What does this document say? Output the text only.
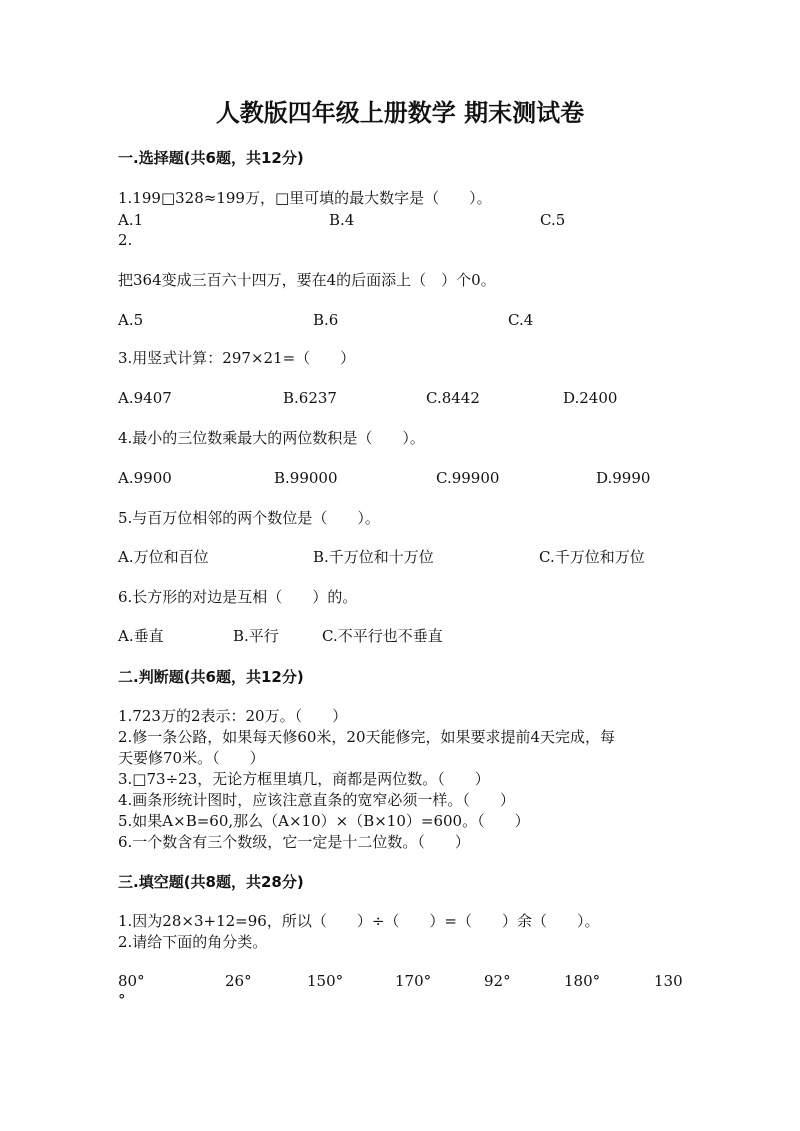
人教版四年级上册数学 期末测试卷
一.选择题(共6题，共12分)
1.199□328≈199万，□里可填的最大数字是（　　）。
A.1	B.4	C.5
2.
把364变成三百六十四万，要在4的后面添上（　）个0。
A.5	B.6	C.4
3.用竖式计算：297×21=（　　）
A.9407	B.6237	C.8442	D.2400
4.最小的三位数乘最大的两位数积是（　　）。
A.9900	B.99000	C.99900	D.9990
5.与百万位相邻的两个数位是（　　）。
A.万位和百位	B.千万位和十万位	C.千万位和万位
6.长方形的对边是互相（　　）的。
A.垂直	B.平行	C.不平行也不垂直
二.判断题(共6题，共12分)
1.723万的2表示：20万。（　　）
2.修一条公路，如果每天修60米，20天能修完，如果要求提前4天完成，每
天要修70米。（　　）
3.□73÷23，无论方框里填几，商都是两位数。（　　）
4.画条形统计图时，应该注意直条的宽窄必须一样。（　　）
5.如果A×B=60,那么（A×10）×（B×10）=600。（　　）
6.一个数含有三个数级，它一定是十二位数。（　　）
三.填空题(共8题，共28分)
1.因为28×3+12=96，所以（　　）÷（　　）=（　　）余（　　）。
2.请给下面的角分类。
80°	26°	150°	170°	92°	180°	130
°
